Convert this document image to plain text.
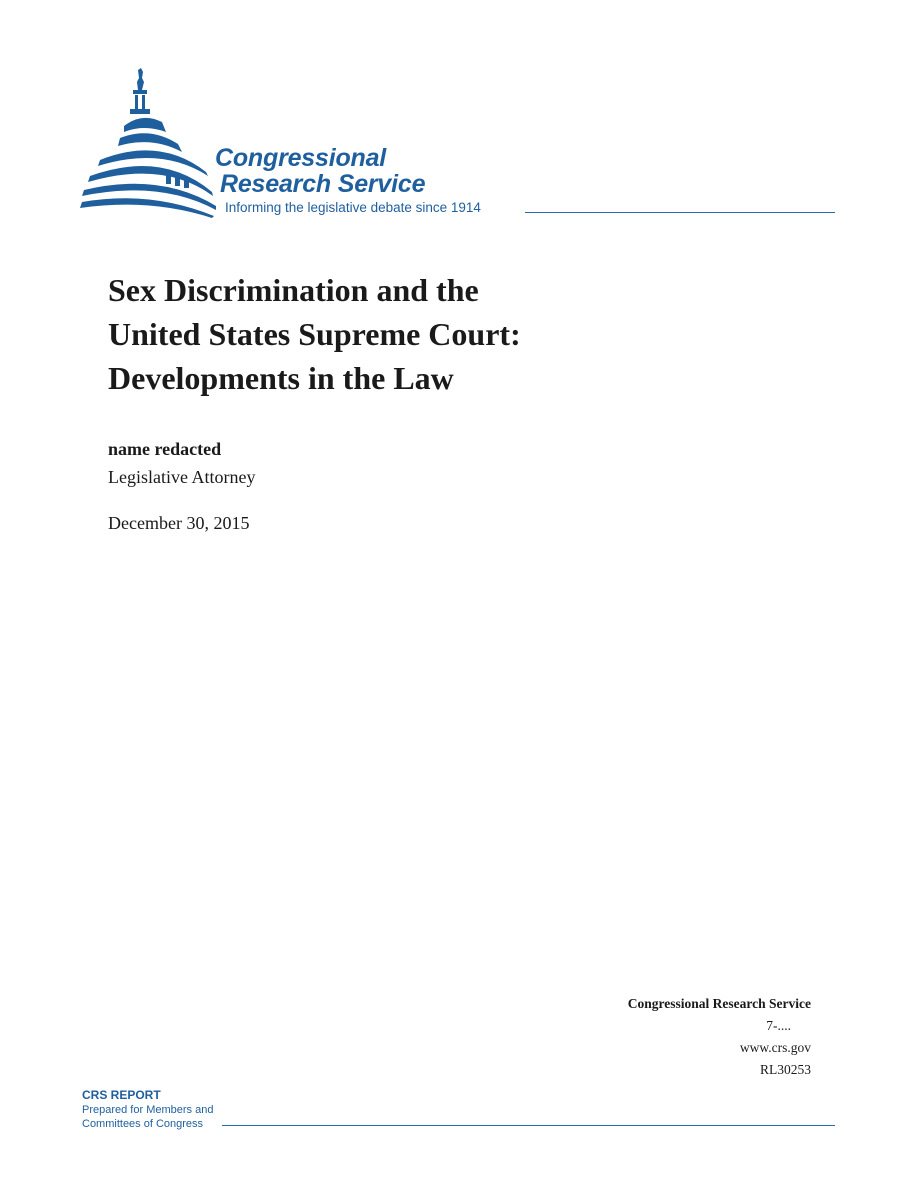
Congressional
Research Service
Informing the legislative debate since 1914
Sex Discrimination and the
United States Supreme Court:
Developments in the Law
name redacted
Legislative Attorney
December 30, 2015
Congressional Research Service
7-....
www.crs.gov
RL30253
CRS REPORT
Prepared for Members and
Committees of Congress
